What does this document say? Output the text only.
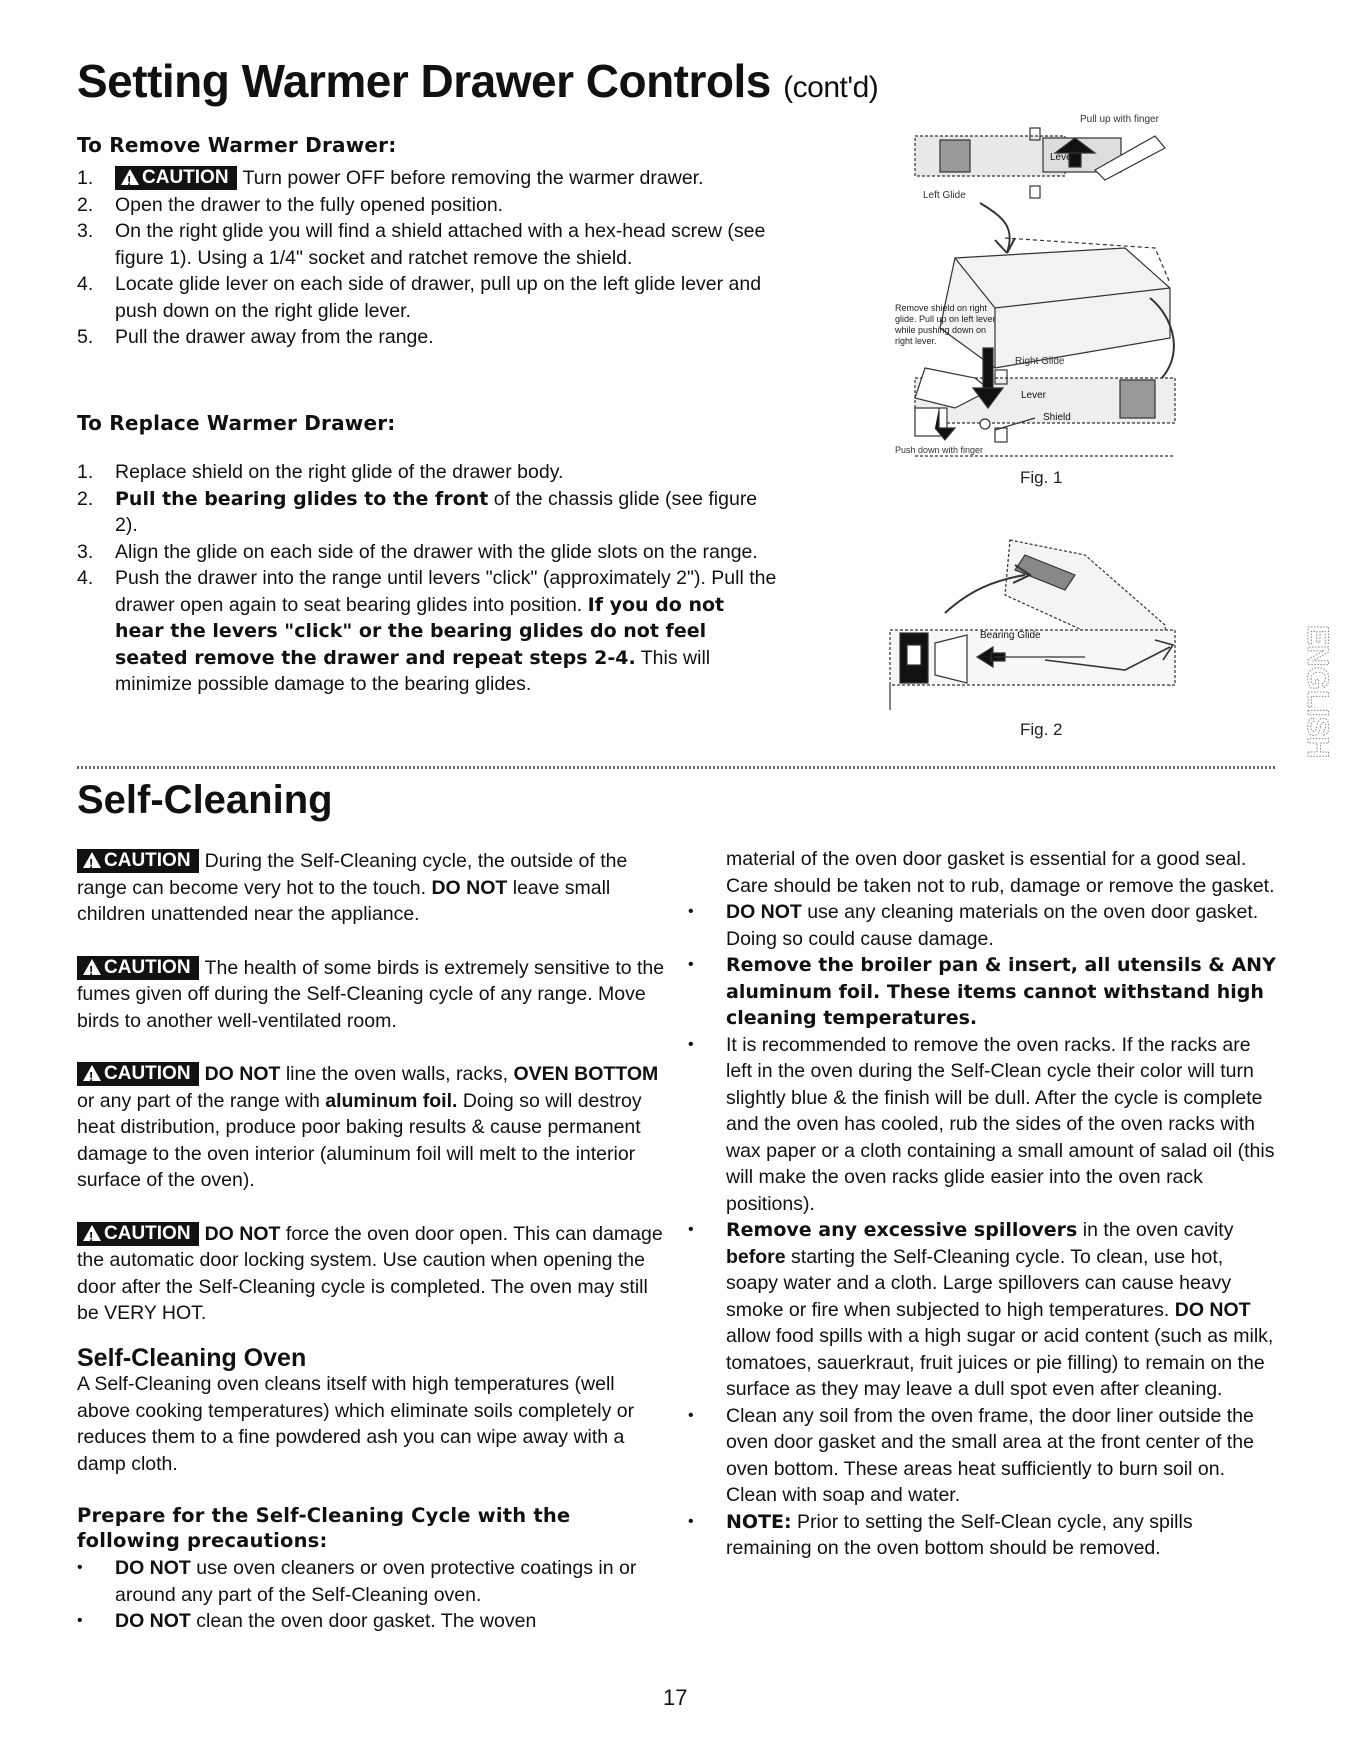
Setting Warmer Drawer Controls (cont'd)

To Remove Warmer Drawer:

1.
!	CAUTION Turn power OFF before removing the warmer drawer.
2. Open the drawer to the fully opened position.
3. On the right glide you will find a shield attached with a hex-head screw (see figure 1). Using a 1/4" socket and ratchet remove the shield.
4. Locate glide lever on each side of drawer, pull up on the left glide lever and push down on the right glide lever.
5. Pull the drawer away from the range.

To Replace Warmer Drawer:

1. Replace shield on the right glide of the drawer body.
2. Pull the bearing glides to the front of the chassis glide (see figure 2).
3. Align the glide on each side of the drawer with the glide slots on the range.
4. Push the drawer into the range until levers "click" (approximately 2"). Pull the drawer open again to seat bearing glides into position. If you do not hear the levers "click" or the bearing glides do not feel seated remove the drawer and repeat steps 2-4. This will minimize possible damage to the bearing glides.
Pull up with finger
Lever
Left Glide
Remove shield on right glide. Pull up on left lever while pushing down on right lever.
Right Glide
Lever
Shield
Push down with finger
Fig. 1
Bearing Glide
Fig. 2	ENGLISH
Self-Cleaning

!CAUTION During the Self-Cleaning cycle, the outside of the range can become very hot to the touch. DO NOT leave small children unattended near the appliance.

!CAUTION The health of some birds is extremely sensitive to the fumes given off during the Self-Cleaning cycle of any range. Move birds to another well-ventilated room.

!CAUTION DO NOT line the oven walls, racks, OVEN BOTTOM or any part of the range with aluminum foil. Doing so will destroy heat distribution, produce poor baking results & cause permanent damage to the oven interior (aluminum foil will melt to the interior surface of the oven).

!CAUTION DO NOT force the oven door open. This can damage the automatic door locking system. Use caution when opening the door after the Self-Cleaning cycle is completed. The oven may still be VERY HOT.

Self-Cleaning Oven

A Self-Cleaning oven cleans itself with high temperatures (well above cooking temperatures) which eliminate soils completely or reduces them to a fine powdered ash you can wipe away with a damp cloth.

Prepare for the Self-Cleaning Cycle with the following precautions:

• DO NOT use oven cleaners or oven protective coatings in or around any part of the Self-Cleaning oven.
• DO NOT clean the oven door gasket. The woven

material of the oven door gasket is essential for a good seal. Care should be taken not to rub, damage or remove the gasket.

• DO NOT use any cleaning materials on the oven door gasket. Doing so could cause damage.
• Remove the broiler pan & insert, all utensils & ANY aluminum foil. These items cannot withstand high cleaning temperatures.
• It is recommended to remove the oven racks. If the racks are left in the oven during the Self-Clean cycle their color will turn slightly blue & the finish will be dull. After the cycle is complete and the oven has cooled, rub the sides of the oven racks with wax paper or a cloth containing a small amount of salad oil (this will make the oven racks glide easier into the oven rack positions).
• Remove any excessive spillovers in the oven cavity before starting the Self-Cleaning cycle. To clean, use hot, soapy water and a cloth. Large spillovers can cause heavy smoke or fire when subjected to high temperatures. DO NOT allow food spills with a high sugar or acid content (such as milk, tomatoes, sauerkraut, fruit juices or pie filling) to remain on the surface as they may leave a dull spot even after cleaning.
• Clean any soil from the oven frame, the door liner outside the oven door gasket and the small area at the front center of the oven bottom. These areas heat sufficiently to burn soil on. Clean with soap and water.
• NOTE: Prior to setting the Self-Clean cycle, any spills remaining on the oven bottom should be removed.
17
